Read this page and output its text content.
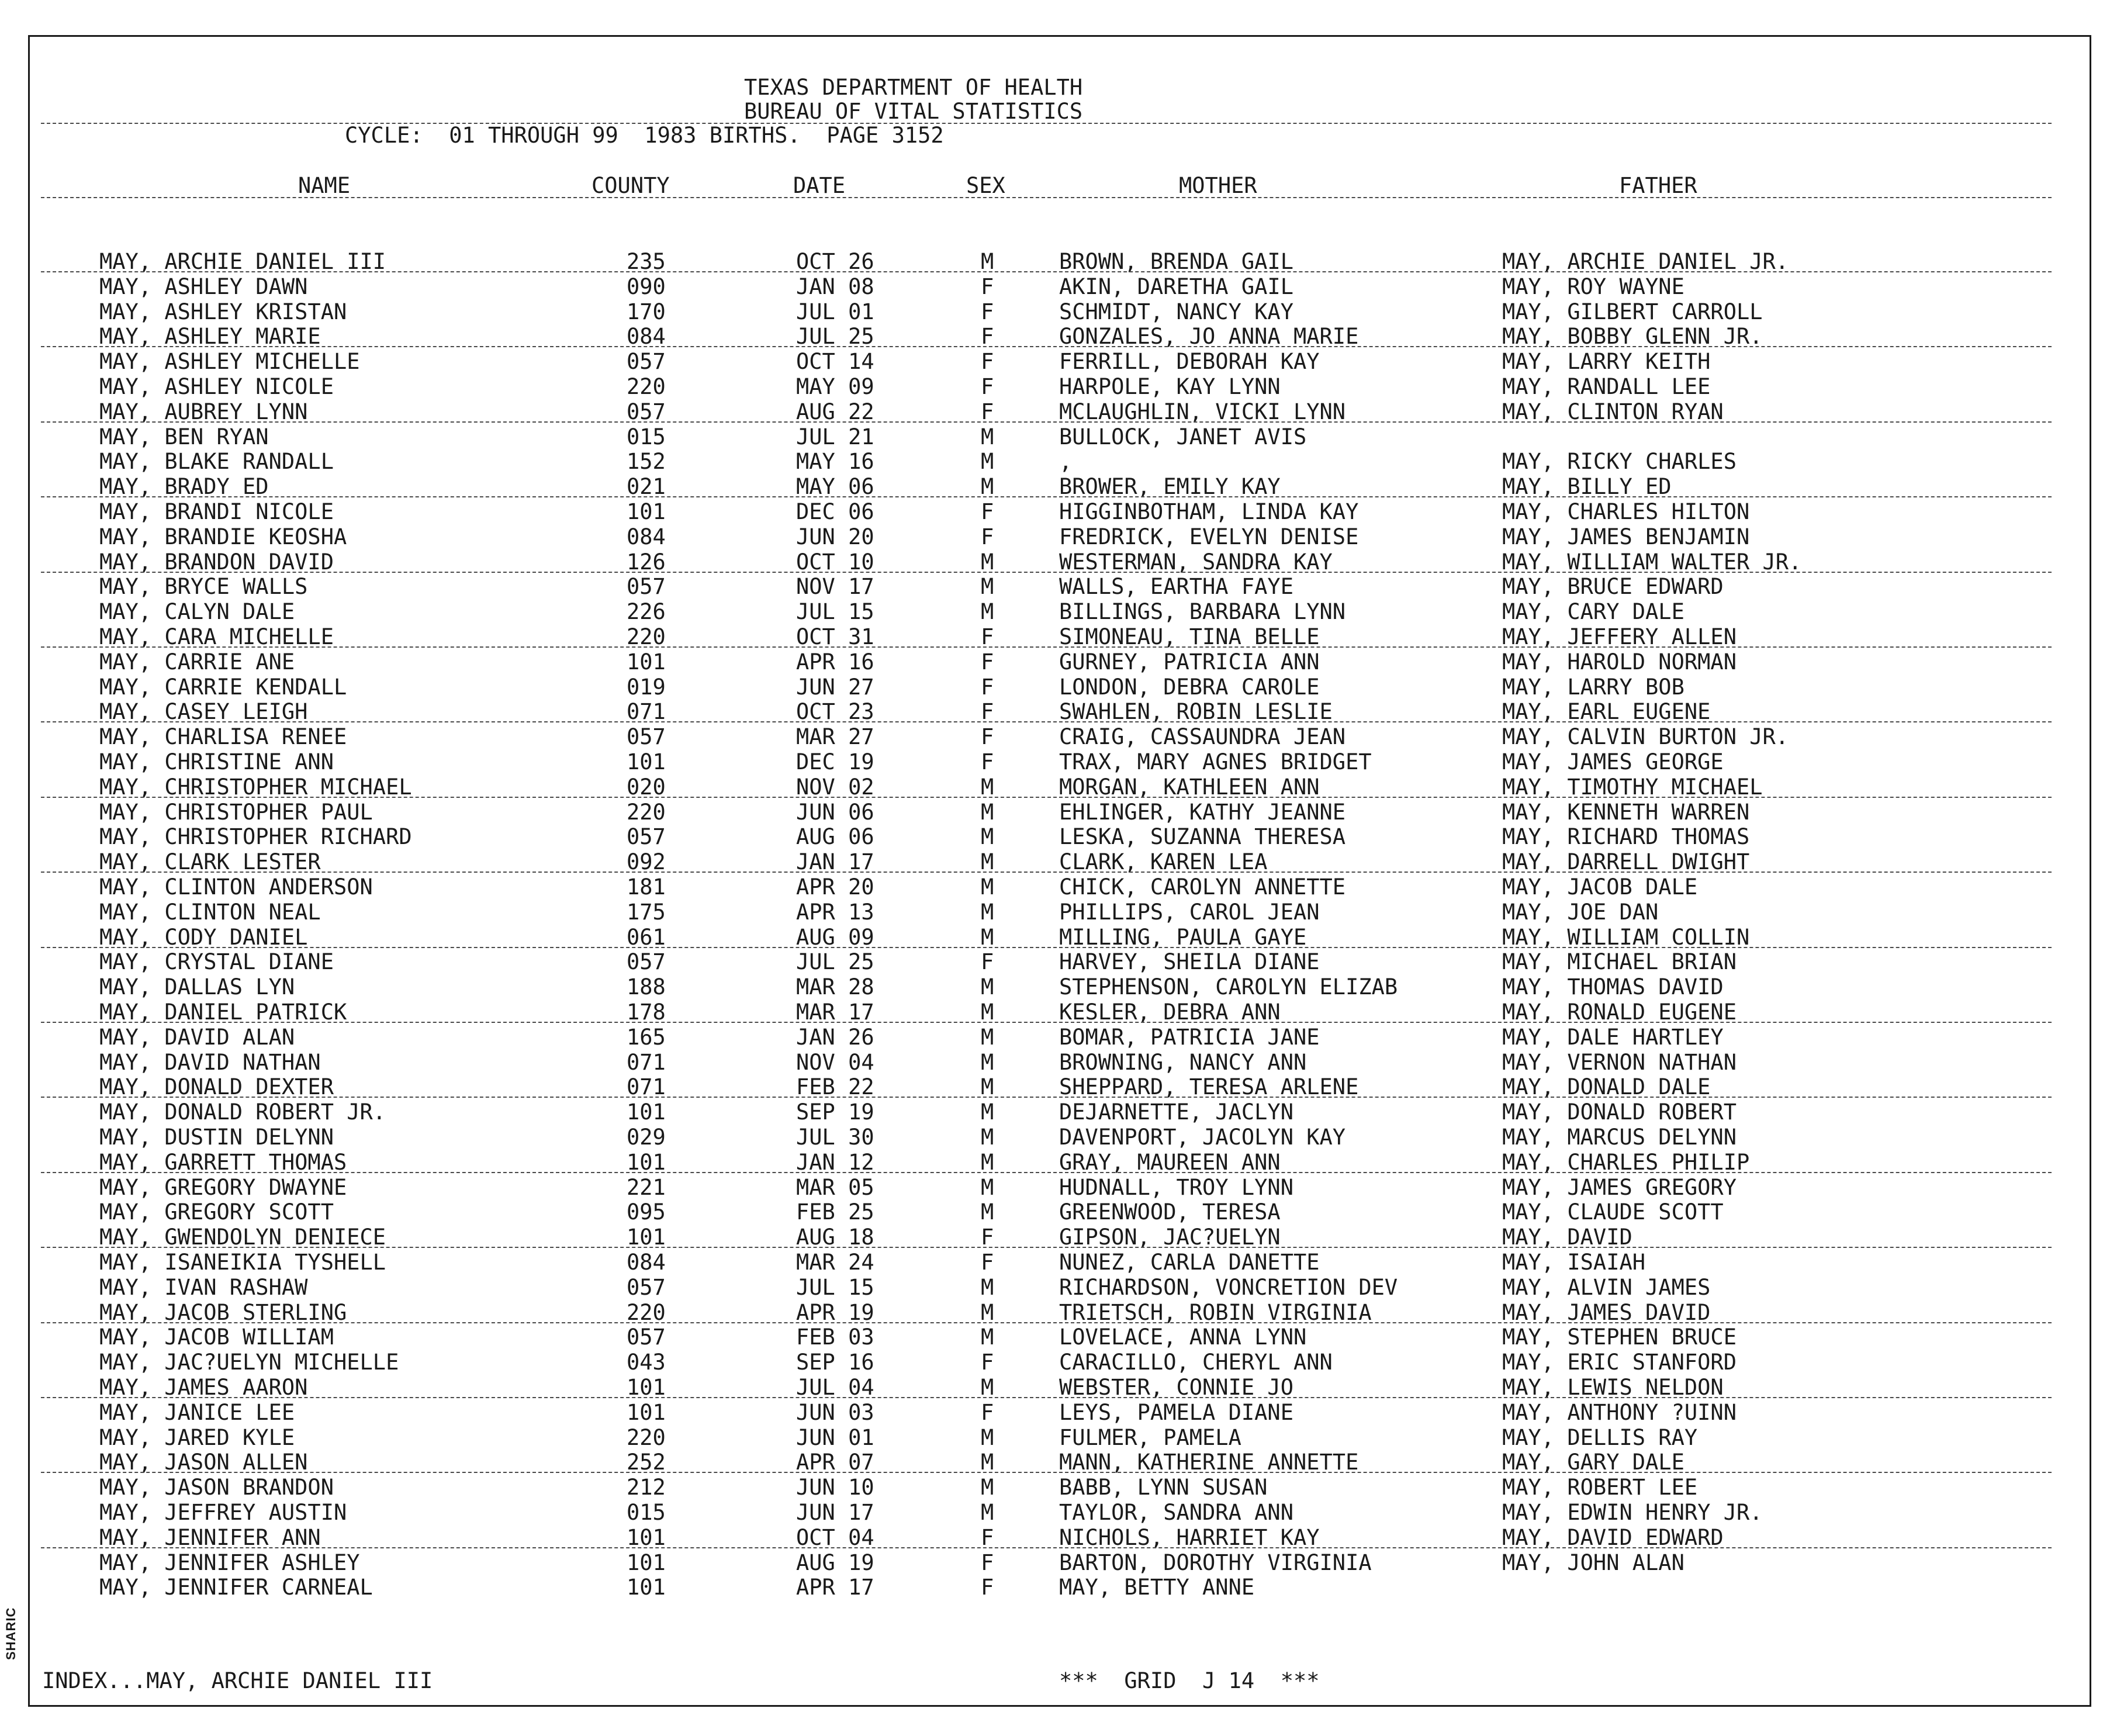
SHARIC
TEXAS DEPARTMENT OF HEALTH
BUREAU OF VITAL STATISTICS
CYCLE:  01 THROUGH 99  1983 BIRTHS.  PAGE 3152
NAME	COUNTY	DATE	SEX	MOTHER	FATHER
MAY, ARCHIE DANIEL III	235	OCT 26	M	BROWN, BRENDA GAIL	MAY, ARCHIE DANIEL JR.
MAY, ASHLEY DAWN	090	JAN 08	F	AKIN, DARETHA GAIL	MAY, ROY WAYNE
MAY, ASHLEY KRISTAN	170	JUL 01	F	SCHMIDT, NANCY KAY	MAY, GILBERT CARROLL
MAY, ASHLEY MARIE	084	JUL 25	F	GONZALES, JO ANNA MARIE	MAY, BOBBY GLENN JR.
MAY, ASHLEY MICHELLE	057	OCT 14	F	FERRILL, DEBORAH KAY	MAY, LARRY KEITH
MAY, ASHLEY NICOLE	220	MAY 09	F	HARPOLE, KAY LYNN	MAY, RANDALL LEE
MAY, AUBREY LYNN	057	AUG 22	F	MCLAUGHLIN, VICKI LYNN	MAY, CLINTON RYAN
MAY, BEN RYAN	015	JUL 21	M	BULLOCK, JANET AVIS
MAY, BLAKE RANDALL	152	MAY 16	M	,	MAY, RICKY CHARLES
MAY, BRADY ED	021	MAY 06	M	BROWER, EMILY KAY	MAY, BILLY ED
MAY, BRANDI NICOLE	101	DEC 06	F	HIGGINBOTHAM, LINDA KAY	MAY, CHARLES HILTON
MAY, BRANDIE KEOSHA	084	JUN 20	F	FREDRICK, EVELYN DENISE	MAY, JAMES BENJAMIN
MAY, BRANDON DAVID	126	OCT 10	M	WESTERMAN, SANDRA KAY	MAY, WILLIAM WALTER JR.
MAY, BRYCE WALLS	057	NOV 17	M	WALLS, EARTHA FAYE	MAY, BRUCE EDWARD
MAY, CALYN DALE	226	JUL 15	M	BILLINGS, BARBARA LYNN	MAY, CARY DALE
MAY, CARA MICHELLE	220	OCT 31	F	SIMONEAU, TINA BELLE	MAY, JEFFERY ALLEN
MAY, CARRIE ANE	101	APR 16	F	GURNEY, PATRICIA ANN	MAY, HAROLD NORMAN
MAY, CARRIE KENDALL	019	JUN 27	F	LONDON, DEBRA CAROLE	MAY, LARRY BOB
MAY, CASEY LEIGH	071	OCT 23	F	SWAHLEN, ROBIN LESLIE	MAY, EARL EUGENE
MAY, CHARLISA RENEE	057	MAR 27	F	CRAIG, CASSAUNDRA JEAN	MAY, CALVIN BURTON JR.
MAY, CHRISTINE ANN	101	DEC 19	F	TRAX, MARY AGNES BRIDGET	MAY, JAMES GEORGE
MAY, CHRISTOPHER MICHAEL	020	NOV 02	M	MORGAN, KATHLEEN ANN	MAY, TIMOTHY MICHAEL
MAY, CHRISTOPHER PAUL	220	JUN 06	M	EHLINGER, KATHY JEANNE	MAY, KENNETH WARREN
MAY, CHRISTOPHER RICHARD	057	AUG 06	M	LESKA, SUZANNA THERESA	MAY, RICHARD THOMAS
MAY, CLARK LESTER	092	JAN 17	M	CLARK, KAREN LEA	MAY, DARRELL DWIGHT
MAY, CLINTON ANDERSON	181	APR 20	M	CHICK, CAROLYN ANNETTE	MAY, JACOB DALE
MAY, CLINTON NEAL	175	APR 13	M	PHILLIPS, CAROL JEAN	MAY, JOE DAN
MAY, CODY DANIEL	061	AUG 09	M	MILLING, PAULA GAYE	MAY, WILLIAM COLLIN
MAY, CRYSTAL DIANE	057	JUL 25	F	HARVEY, SHEILA DIANE	MAY, MICHAEL BRIAN
MAY, DALLAS LYN	188	MAR 28	M	STEPHENSON, CAROLYN ELIZAB	MAY, THOMAS DAVID
MAY, DANIEL PATRICK	178	MAR 17	M	KESLER, DEBRA ANN	MAY, RONALD EUGENE
MAY, DAVID ALAN	165	JAN 26	M	BOMAR, PATRICIA JANE	MAY, DALE HARTLEY
MAY, DAVID NATHAN	071	NOV 04	M	BROWNING, NANCY ANN	MAY, VERNON NATHAN
MAY, DONALD DEXTER	071	FEB 22	M	SHEPPARD, TERESA ARLENE	MAY, DONALD DALE
MAY, DONALD ROBERT JR.	101	SEP 19	M	DEJARNETTE, JACLYN	MAY, DONALD ROBERT
MAY, DUSTIN DELYNN	029	JUL 30	M	DAVENPORT, JACOLYN KAY	MAY, MARCUS DELYNN
MAY, GARRETT THOMAS	101	JAN 12	M	GRAY, MAUREEN ANN	MAY, CHARLES PHILIP
MAY, GREGORY DWAYNE	221	MAR 05	M	HUDNALL, TROY LYNN	MAY, JAMES GREGORY
MAY, GREGORY SCOTT	095	FEB 25	M	GREENWOOD, TERESA	MAY, CLAUDE SCOTT
MAY, GWENDOLYN DENIECE	101	AUG 18	F	GIPSON, JAC?UELYN	MAY, DAVID
MAY, ISANEIKIA TYSHELL	084	MAR 24	F	NUNEZ, CARLA DANETTE	MAY, ISAIAH
MAY, IVAN RASHAW	057	JUL 15	M	RICHARDSON, VONCRETION DEV	MAY, ALVIN JAMES
MAY, JACOB STERLING	220	APR 19	M	TRIETSCH, ROBIN VIRGINIA	MAY, JAMES DAVID
MAY, JACOB WILLIAM	057	FEB 03	M	LOVELACE, ANNA LYNN	MAY, STEPHEN BRUCE
MAY, JAC?UELYN MICHELLE	043	SEP 16	F	CARACILLO, CHERYL ANN	MAY, ERIC STANFORD
MAY, JAMES AARON	101	JUL 04	M	WEBSTER, CONNIE JO	MAY, LEWIS NELDON
MAY, JANICE LEE	101	JUN 03	F	LEYS, PAMELA DIANE	MAY, ANTHONY ?UINN
MAY, JARED KYLE	220	JUN 01	M	FULMER, PAMELA	MAY, DELLIS RAY
MAY, JASON ALLEN	252	APR 07	M	MANN, KATHERINE ANNETTE	MAY, GARY DALE
MAY, JASON BRANDON	212	JUN 10	M	BABB, LYNN SUSAN	MAY, ROBERT LEE
MAY, JEFFREY AUSTIN	015	JUN 17	M	TAYLOR, SANDRA ANN	MAY, EDWIN HENRY JR.
MAY, JENNIFER ANN	101	OCT 04	F	NICHOLS, HARRIET KAY	MAY, DAVID EDWARD
MAY, JENNIFER ASHLEY	101	AUG 19	F	BARTON, DOROTHY VIRGINIA	MAY, JOHN ALAN
MAY, JENNIFER CARNEAL	101	APR 17	F	MAY, BETTY ANNE
INDEX...MAY, ARCHIE DANIEL III	***  GRID  J 14  ***
